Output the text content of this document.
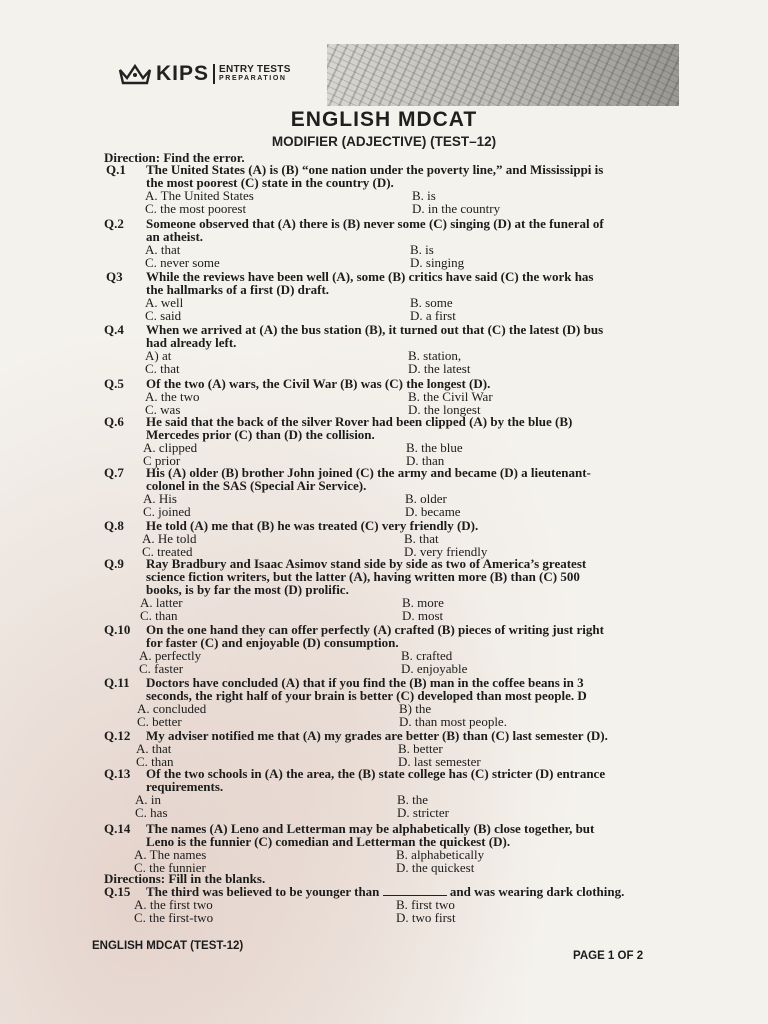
KIPS ENTRY TESTS
PREPARATION
ENGLISH MDCAT
MODIFIER (ADJECTIVE) (TEST–12)
Direction: Find the error.
Q.1 The United States (A) is (B) “one nation under the poverty line,” and Mississippi is
the most poorest (C) state in the country (D).
A. The United States	B. is
C. the most poorest	D. in the country
Q.2 Someone observed that (A) there is (B) never some (C) singing (D) at the funeral of
an atheist.
A. that	B. is
C. never some	D. singing
Q3 While the reviews have been well (A), some (B) critics have said (C) the work has
the hallmarks of a first (D) draft.
A. well	B. some
C. said	D. a first
Q.4 When we arrived at (A) the bus station (B), it turned out that (C) the latest (D) bus
had already left.
A) at	B. station,
C. that	D. the latest
Q.5 Of the two (A) wars, the Civil War (B) was (C) the longest (D).
A. the two	B. the Civil War
C. was	D. the longest
Q.6 He said that the back of the silver Rover had been clipped (A) by the blue (B)
Mercedes prior (C) than (D) the collision.
A. clipped	B. the blue
C prior	D. than
Q.7 His (A) older (B) brother John joined (C) the army and became (D) a lieutenant-
colonel in the SAS (Special Air Service).
A. His	B. older
C. joined	D. became
Q.8 He told (A) me that (B) he was treated (C) very friendly (D).
A. He told	B. that
C. treated	D. very friendly
Q.9 Ray Bradbury and Isaac Asimov stand side by side as two of America’s greatest
science fiction writers, but the latter (A), having written more (B) than (C) 500
books, is by far the most (D) prolific.
A. latter	B. more
C. than	D. most
Q.10 On the one hand they can offer perfectly (A) crafted (B) pieces of writing just right
for faster (C) and enjoyable (D) consumption.
A. perfectly	B. crafted
C. faster	D. enjoyable
Q.11 Doctors have concluded (A) that if you find the (B) man in the coffee beans in 3
seconds, the right half of your brain is better (C) developed than most people. D
A. concluded	B) the
C. better	D. than most people.
Q.12 My adviser notified me that (A) my grades are better (B) than (C) last semester (D).
A. that	B. better
C. than	D. last semester
Q.13 Of the two schools in (A) the area, the (B) state college has (C) stricter (D) entrance
requirements.
A. in	B. the
C. has	D. stricter
Q.14 The names (A) Leno and Letterman may be alphabetically (B) close together, but
Leno is the funnier (C) comedian and Letterman the quickest (D).
A. The names	B. alphabetically
C. the funnier	D. the quickest
Directions: Fill in the blanks.
Q.15 The third was believed to be younger than	and was wearing dark clothing.
A. the first two	B. first two
C. the first-two	D. two first
ENGLISH MDCAT (TEST-12)
PAGE 1 OF 2
